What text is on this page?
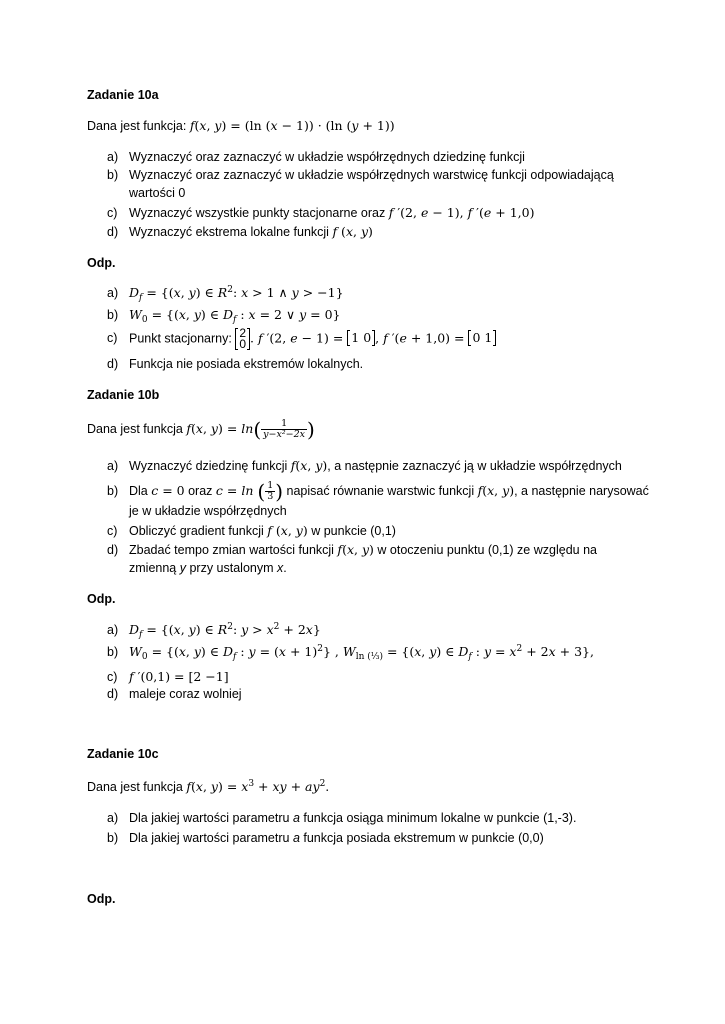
Zadanie 10a
Dana jest funkcja: f(x, y) = (ln (x − 1)) · (ln (y + 1))
a) Wyznaczyć oraz zaznaczyć w układzie współrzędnych dziedzinę funkcji
b) Wyznaczyć oraz zaznaczyć w układzie współrzędnych warstwicę funkcji odpowiadającą
wartości 0
c) Wyznaczyć wszystkie punkty stacjonarne oraz f ′(2, e − 1), f ′(e + 1,0)
d) Wyznaczyć ekstrema lokalne funkcji f (x, y)
Odp.
a) $D_f = \{(x$, y) ∈ $R^2$: x > 1 ∧ y > −1}
b) $W_0 = \{(x$, y) ∈ $D_f$ : x = 2 ∨ y = 0}
c) Punkt stacjonarny: 2
0 . f ′(2, e − 1) = 1 0 , f ′(e + 1,0) = 0 1
d) Funkcja nie posiada ekstremów lokalnych.
Zadanie 10b
Dana jest funkcja f(x, $y) = \ln( \frac{1}{\text{y−x²−2x}}$ )
a) Wyznaczyć dziedzinę funkcji f(x, y), a następnie zaznaczyć ją w układzie współrzędnych
b) Dla c = 0 oraz c = ln ( $\frac{1}{3}$ ) napisać równanie warstwic funkcji f(x, y), a następnie narysować
je w układzie współrzędnych
c) Obliczyć gradient funkcji f (x, y) w punkcie (0,1)
d) Zbadać tempo zmian wartości funkcji f(x, y) w otoczeniu punktu (0,1) ze względu na
zmienną y przy ustalonym x.
Odp.
a) $D_f = \{(x$, y) ∈ $R^2$: $y > x^2 + 2x$}
b) $W_0 = \{(x$, y) ∈ $D_f$ : $y = (x + 1)^2$} , $W_{ln (\frac{1}{3})} = \{(x$, y) ∈ $D_f$ : $y = x^2 + 2x + 3$},
c) f ′(0,1) = [2 −1]
d) maleje coraz wolniej
Zadanie 10c
Dana jest funkcja f(x, $y) = x^3$ + xy + $ay^2$.
a) Dla jakiej wartości parametru a funkcja osiąga minimum lokalne w punkcie (1,-3).
b) Dla jakiej wartości parametru a funkcja posiada ekstremum w punkcie (0,0)
Odp.
